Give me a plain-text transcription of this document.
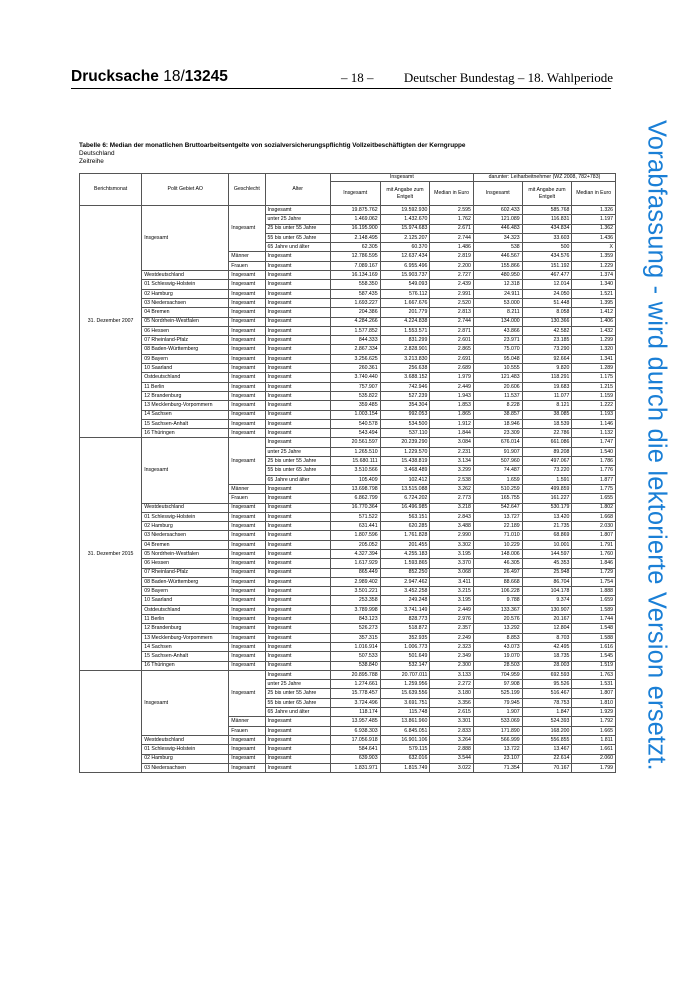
Drucksache 18/13245	– 18 – Deutscher Bundestag – 18. Wahlperiode
Tabelle 6: Median der monatlichen Bruttoarbeitsentgelte von sozialversicherungspflichtig Vollzeitbeschäftigten der Kerngruppe
Deutschland
Zeitreihe	Vorabfassung - wird durch die lektorierte Version ersetzt.
Berichtsmonat	Polit Gebiet AO	Geschlecht	Alter	Insgesamt			darunter: Leiharbeitnehmer (WZ 2008, 782+783)		
				Insgesamt	mit Angabe zum Entgelt	Median in Euro	Insgesamt	mit Angabe zum Entgelt	Median in Euro
31. Dezember 2007	Insgesamt	Insgesamt	Insgesamt	19.875.762	19.592.930	2.595	602.433	585.768	1.326
			unter 25 Jahre	1.469.062	1.432.670	1.762	121.089	116.831	1.197
			25 bis unter 55 Jahre	16.195.900	15.974.683	2.671	446.483	434.834	1.362
			55 bis unter 65 Jahre	2.148.495	2.125.207	2.744	34.323	33.603	1.436
			65 Jahre und älter	62.305	60.370	1.486	538	500	X
		Männer	Insgesamt	12.786.595	12.637.434	2.819	446.567	434.576	1.359
		Frauen	Insgesamt	7.089.167	6.955.496	2.200	155.866	151.192	1.229
	Westdeutschland	Insgesamt	Insgesamt	16.134.169	15.903.737	2.727	480.950	467.477	1.374
	01 Schleswig-Holstein	Insgesamt	Insgesamt	558.350	549.093	2.439	12.318	12.014	1.340
	02 Hamburg	Insgesamt	Insgesamt	587.435	576.112	2.991	24.911	24.050	1.521
	03 Niedersachsen	Insgesamt	Insgesamt	1.693.227	1.667.676	2.520	53.000	51.448	1.395
	04 Bremen	Insgesamt	Insgesamt	204.386	201.779	2.813	8.211	8.058	1.412
	05 Nordrhein-Westfalen	Insgesamt	Insgesamt	4.284.266	4.224.838	2.744	134.000	130.366	1.406
	06 Hessen	Insgesamt	Insgesamt	1.577.852	1.553.571	2.871	43.866	42.582	1.432
	07 Rheinland-Pfalz	Insgesamt	Insgesamt	844.333	831.299	2.601	23.971	23.185	1.299
	08 Baden-Württemberg	Insgesamt	Insgesamt	2.867.334	2.828.901	2.865	75.070	73.290	1.320
	09 Bayern	Insgesamt	Insgesamt	3.256.625	3.213.830	2.691	95.048	92.664	1.341
	10 Saarland	Insgesamt	Insgesamt	260.361	256.638	2.689	10.555	9.820	1.289
	Ostdeutschland	Insgesamt	Insgesamt	3.740.440	3.688.152	1.979	121.483	118.291	1.175
	11 Berlin	Insgesamt	Insgesamt	757.907	742.946	2.449	20.606	19.683	1.215
	12 Brandenburg	Insgesamt	Insgesamt	535.822	527.239	1.943	11.537	11.077	1.159
	13 Mecklenburg-Vorpommern	Insgesamt	Insgesamt	359.485	354.304	1.853	8.228	8.121	1.222
	14 Sachsen	Insgesamt	Insgesamt	1.003.154	992.053	1.865	38.857	38.085	1.193
	15 Sachsen-Anhalt	Insgesamt	Insgesamt	540.578	534.500	1.912	18.946	18.539	1.146
	16 Thüringen	Insgesamt	Insgesamt	543.494	537.110	1.844	23.309	22.786	1.132
31. Dezember 2015	Insgesamt	Insgesamt	Insgesamt	20.561.597	20.239.290	3.084	676.014	661.086	1.747
			unter 25 Jahre	1.265.510	1.229.570	2.231	91.907	89.208	1.540
			25 bis unter 55 Jahre	15.680.111	15.438.819	3.134	507.960	497.067	1.786
			55 bis unter 65 Jahre	3.510.566	3.468.489	3.299	74.487	73.220	1.776
			65 Jahre und älter	105.409	102.412	2.538	1.659	1.591	1.877
		Männer	Insgesamt	13.698.798	13.515.088	3.262	510.259	499.859	1.775
		Frauen	Insgesamt	6.862.799	6.724.202	2.773	165.755	161.227	1.655
	Westdeutschland	Insgesamt	Insgesamt	16.770.364	16.496.985	3.218	542.647	530.179	1.802
	01 Schleswig-Holstein	Insgesamt	Insgesamt	571.522	563.151	2.843	13.727	13.420	1.668
	02 Hamburg	Insgesamt	Insgesamt	631.441	620.285	3.488	22.189	21.735	2.030
	03 Niedersachsen	Insgesamt	Insgesamt	1.807.596	1.761.828	2.990	71.010	68.869	1.807
	04 Bremen	Insgesamt	Insgesamt	205.052	201.455	3.302	10.229	10.001	1.791
	05 Nordrhein-Westfalen	Insgesamt	Insgesamt	4.327.394	4.255.183	3.195	148.006	144.597	1.760
	06 Hessen	Insgesamt	Insgesamt	1.617.929	1.593.865	3.370	46.305	45.353	1.846
	07 Rheinland-Pfalz	Insgesamt	Insgesamt	865.449	852.250	3.068	26.497	25.948	1.729
	08 Baden-Württemberg	Insgesamt	Insgesamt	2.989.402	2.947.462	3.411	88.668	86.704	1.754
	09 Bayern	Insgesamt	Insgesamt	3.501.221	3.452.258	3.215	106.228	104.178	1.888
	10 Saarland	Insgesamt	Insgesamt	253.358	249.248	3.195	9.788	9.374	1.659
	Ostdeutschland	Insgesamt	Insgesamt	3.789.998	3.741.149	2.449	133.367	130.907	1.589
	11 Berlin	Insgesamt	Insgesamt	843.123	828.773	2.976	20.576	20.167	1.744
	12 Brandenburg	Insgesamt	Insgesamt	526.273	518.872	2.357	13.292	12.804	1.548
	13 Mecklenburg-Vorpommern	Insgesamt	Insgesamt	357.315	352.935	2.249	8.853	8.703	1.588
	14 Sachsen	Insgesamt	Insgesamt	1.016.914	1.006.773	2.323	43.073	42.495	1.616
	15 Sachsen-Anhalt	Insgesamt	Insgesamt	507.533	501.649	2.349	19.070	18.735	1.545
	16 Thüringen	Insgesamt	Insgesamt	538.840	532.147	2.300	28.503	28.003	1.519
	Insgesamt	Insgesamt	Insgesamt	20.895.788	20.707.011	3.133	704.959	692.593	1.763
			unter 25 Jahre	1.274.661	1.259.956	2.272	97.908	95.526	1.531
			25 bis unter 55 Jahre	15.778.457	15.639.556	3.180	525.199	516.467	1.807
			55 bis unter 65 Jahre	3.724.496	3.691.751	3.356	79.945	78.753	1.810
			65 Jahre und älter	118.174	115.748	2.615	1.907	1.847	1.929
		Männer	Insgesamt	13.957.485	13.861.960	3.301	533.069	524.393	1.792
		Frauen	Insgesamt	6.938.303	6.845.051	2.833	171.890	168.200	1.665
	Westdeutschland	Insgesamt	Insgesamt	17.056.918	16.901.106	3.264	566.999	556.855	1.811
	01 Schleswig-Holstein	Insgesamt	Insgesamt	584.641	579.115	2.888	13.722	13.467	1.661
	02 Hamburg	Insgesamt	Insgesamt	639.903	632.016	3.544	23.107	22.614	2.060
	03 Niedersachsen	Insgesamt	Insgesamt	1.831.971	1.815.749	3.022	71.354	70.167	1.799
